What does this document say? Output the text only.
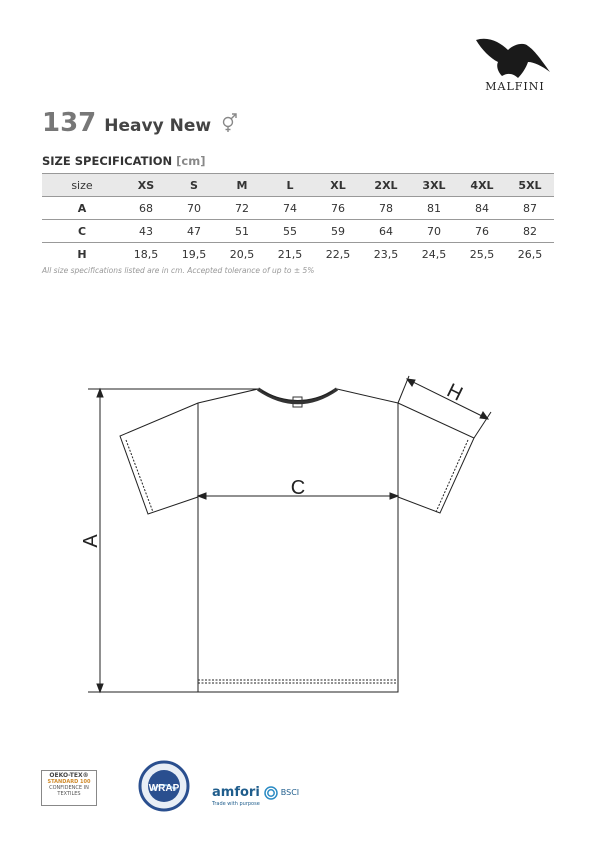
MALFINI
137 Heavy New
SIZE SPECIFICATION [cm]
size	XS	S	M	L	XL	2XL	3XL	4XL	5XL
A	68	70	72	74	76	78	81	84	87
C	43	47	51	55	59	64	70	76	82
H	18,5	19,5	20,5	21,5	22,5	23,5	24,5	25,5	26,5
All size specifications listed are in cm. Accepted tolerance of up to ± 5%
A
C
H
OEKO-TEX®
STANDARD 100
CONFIDENCE IN TEXTILES	WRAP	amfori	BSCI
Trade with purpose
